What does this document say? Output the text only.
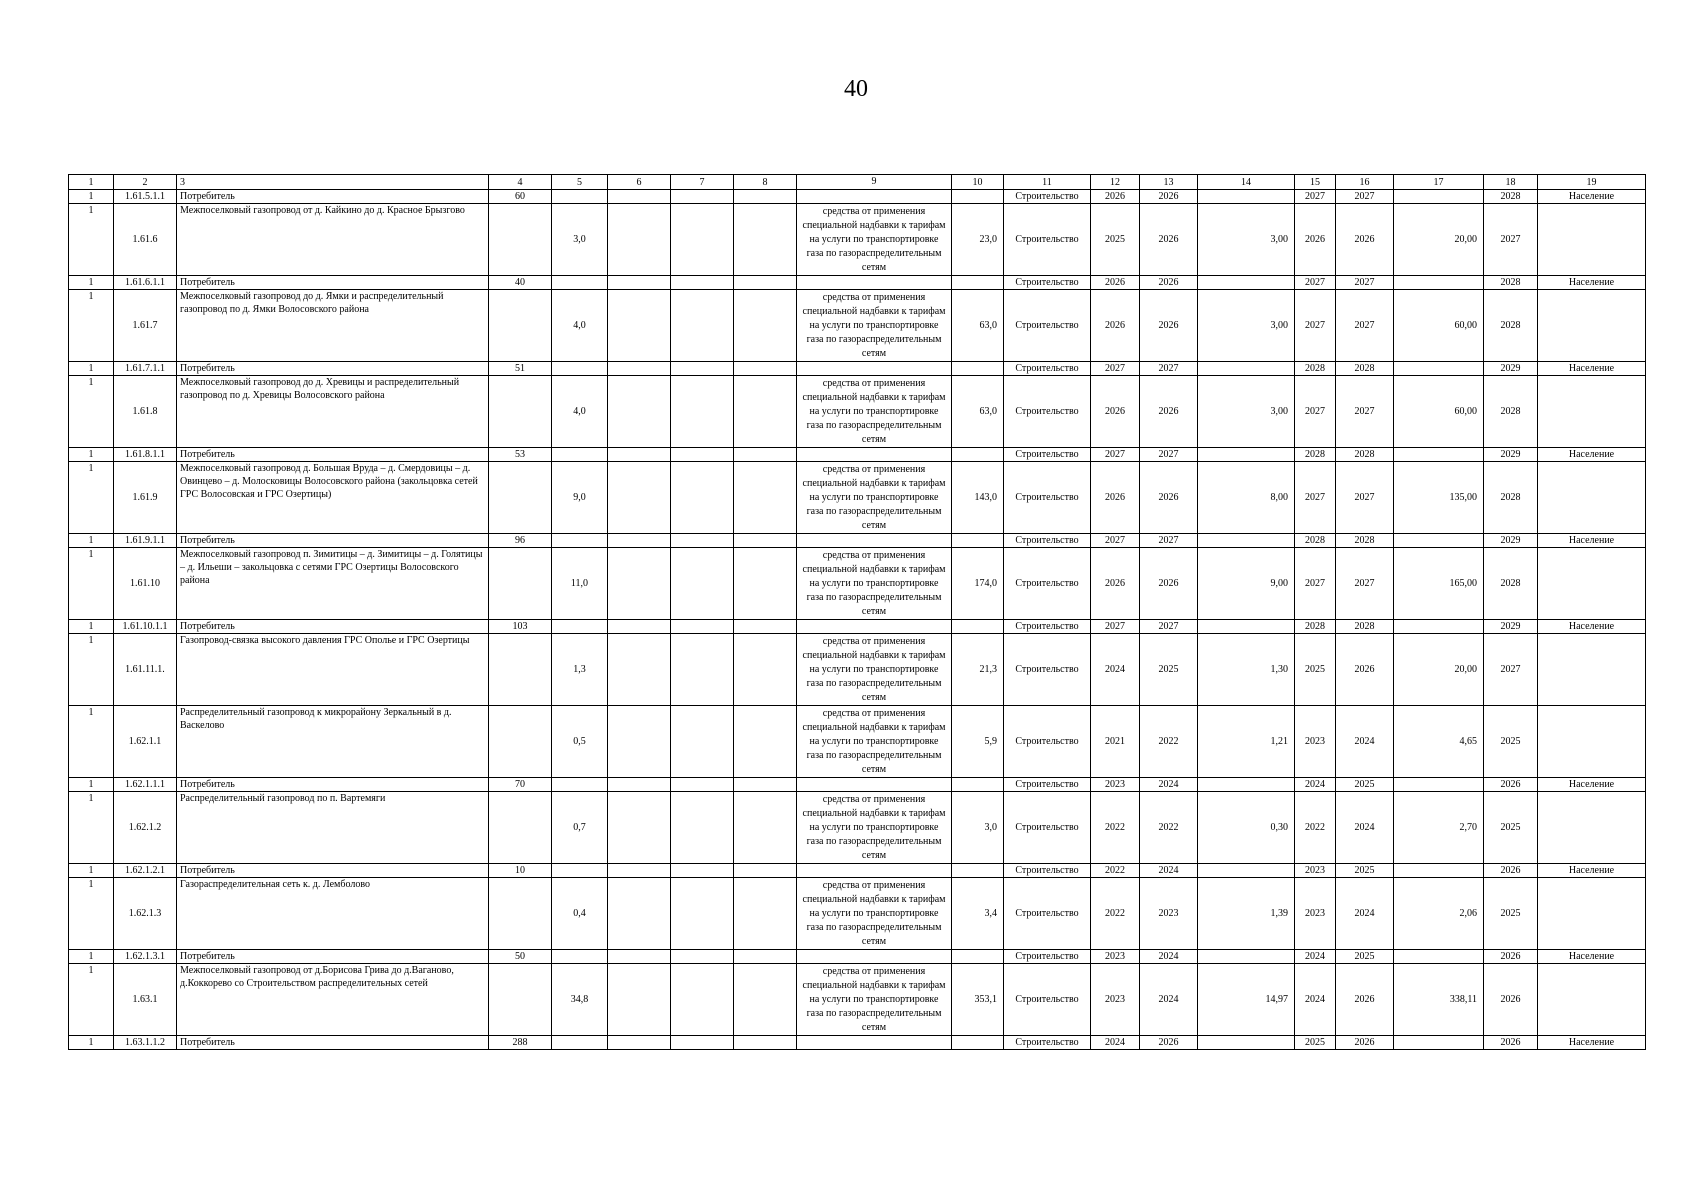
40
1	2	3	4	5	6	7	8	9	10	11	12	13	14	15	16	17	18	19
1	1.61.5.1.1	Потребитель	60							Строительство	2026	2026		2027	2027		2028	Население
1	1.61.6	Межпоселковый газопровод от д. Кайкино до д. Красное Брызгово		3,0				средства от применения специальной надбавки к тарифам на услуги по транспортировке газа по газораспределительным сетям	23,0	Строительство	2025	2026	3,00	2026	2026	20,00	2027	
1	1.61.6.1.1	Потребитель	40							Строительство	2026	2026		2027	2027		2028	Население
1	1.61.7	Межпоселковый газопровод до д. Ямки и распределительный газопровод по д. Ямки Волосовского района		4,0				средства от применения специальной надбавки к тарифам на услуги по транспортировке газа по газораспределительным сетям	63,0	Строительство	2026	2026	3,00	2027	2027	60,00	2028	
1	1.61.7.1.1	Потребитель	51							Строительство	2027	2027		2028	2028		2029	Население
1	1.61.8	Межпоселковый газопровод до д. Хревицы и распределительный газопровод по д. Хревицы Волосовского района		4,0				средства от применения специальной надбавки к тарифам на услуги по транспортировке газа по газораспределительным сетям	63,0	Строительство	2026	2026	3,00	2027	2027	60,00	2028	
1	1.61.8.1.1	Потребитель	53							Строительство	2027	2027		2028	2028		2029	Население
1	1.61.9	Межпоселковый газопровод д. Большая Вруда – д. Смердовицы – д. Овинцево – д. Молосковицы Волосовского района (закольцовка сетей ГРС Волосовская и ГРС Озертицы)		9,0				средства от применения специальной надбавки к тарифам на услуги по транспортировке газа по газораспределительным сетям	143,0	Строительство	2026	2026	8,00	2027	2027	135,00	2028	
1	1.61.9.1.1	Потребитель	96							Строительство	2027	2027		2028	2028		2029	Население
1	1.61.10	Межпоселковый газопровод п. Зимитицы – д. Зимитицы – д. Голятицы – д. Ильеши – закольцовка с сетями ГРС Озертицы Волосовского района		11,0				средства от применения специальной надбавки к тарифам на услуги по транспортировке газа по газораспределительным сетям	174,0	Строительство	2026	2026	9,00	2027	2027	165,00	2028	
1	1.61.10.1.1	Потребитель	103							Строительство	2027	2027		2028	2028		2029	Население
1	1.61.11.1.	Газопровод-связка высокого давления ГРС Ополье и ГРС Озертицы		1,3				средства от применения специальной надбавки к тарифам на услуги по транспортировке газа по газораспределительным сетям	21,3	Строительство	2024	2025	1,30	2025	2026	20,00	2027	
1	1.62.1.1	Распределительный газопровод к микрорайону Зеркальный в д. Васкелово		0,5				средства от применения специальной надбавки к тарифам на услуги по транспортировке газа по газораспределительным сетям	5,9	Строительство	2021	2022	1,21	2023	2024	4,65	2025	
1	1.62.1.1.1	Потребитель	70							Строительство	2023	2024		2024	2025		2026	Население
1	1.62.1.2	Распределительный газопровод по п. Вартемяги		0,7				средства от применения специальной надбавки к тарифам на услуги по транспортировке газа по газораспределительным сетям	3,0	Строительство	2022	2022	0,30	2022	2024	2,70	2025	
1	1.62.1.2.1	Потребитель	10							Строительство	2022	2024		2023	2025		2026	Население
1	1.62.1.3	Газораспределительная сеть к. д. Лемболово		0,4				средства от применения специальной надбавки к тарифам на услуги по транспортировке газа по газораспределительным сетям	3,4	Строительство	2022	2023	1,39	2023	2024	2,06	2025	
1	1.62.1.3.1	Потребитель	50							Строительство	2023	2024		2024	2025		2026	Население
1	1.63.1	Межпоселковый газопровод от д.Борисова Грива до д.Ваганово, д.Коккорево со Строительством распределительных сетей		34,8				средства от применения специальной надбавки к тарифам на услуги по транспортировке газа по газораспределительным сетям	353,1	Строительство	2023	2024	14,97	2024	2026	338,11	2026	
1	1.63.1.1.2	Потребитель	288							Строительство	2024	2026		2025	2026		2026	Население
